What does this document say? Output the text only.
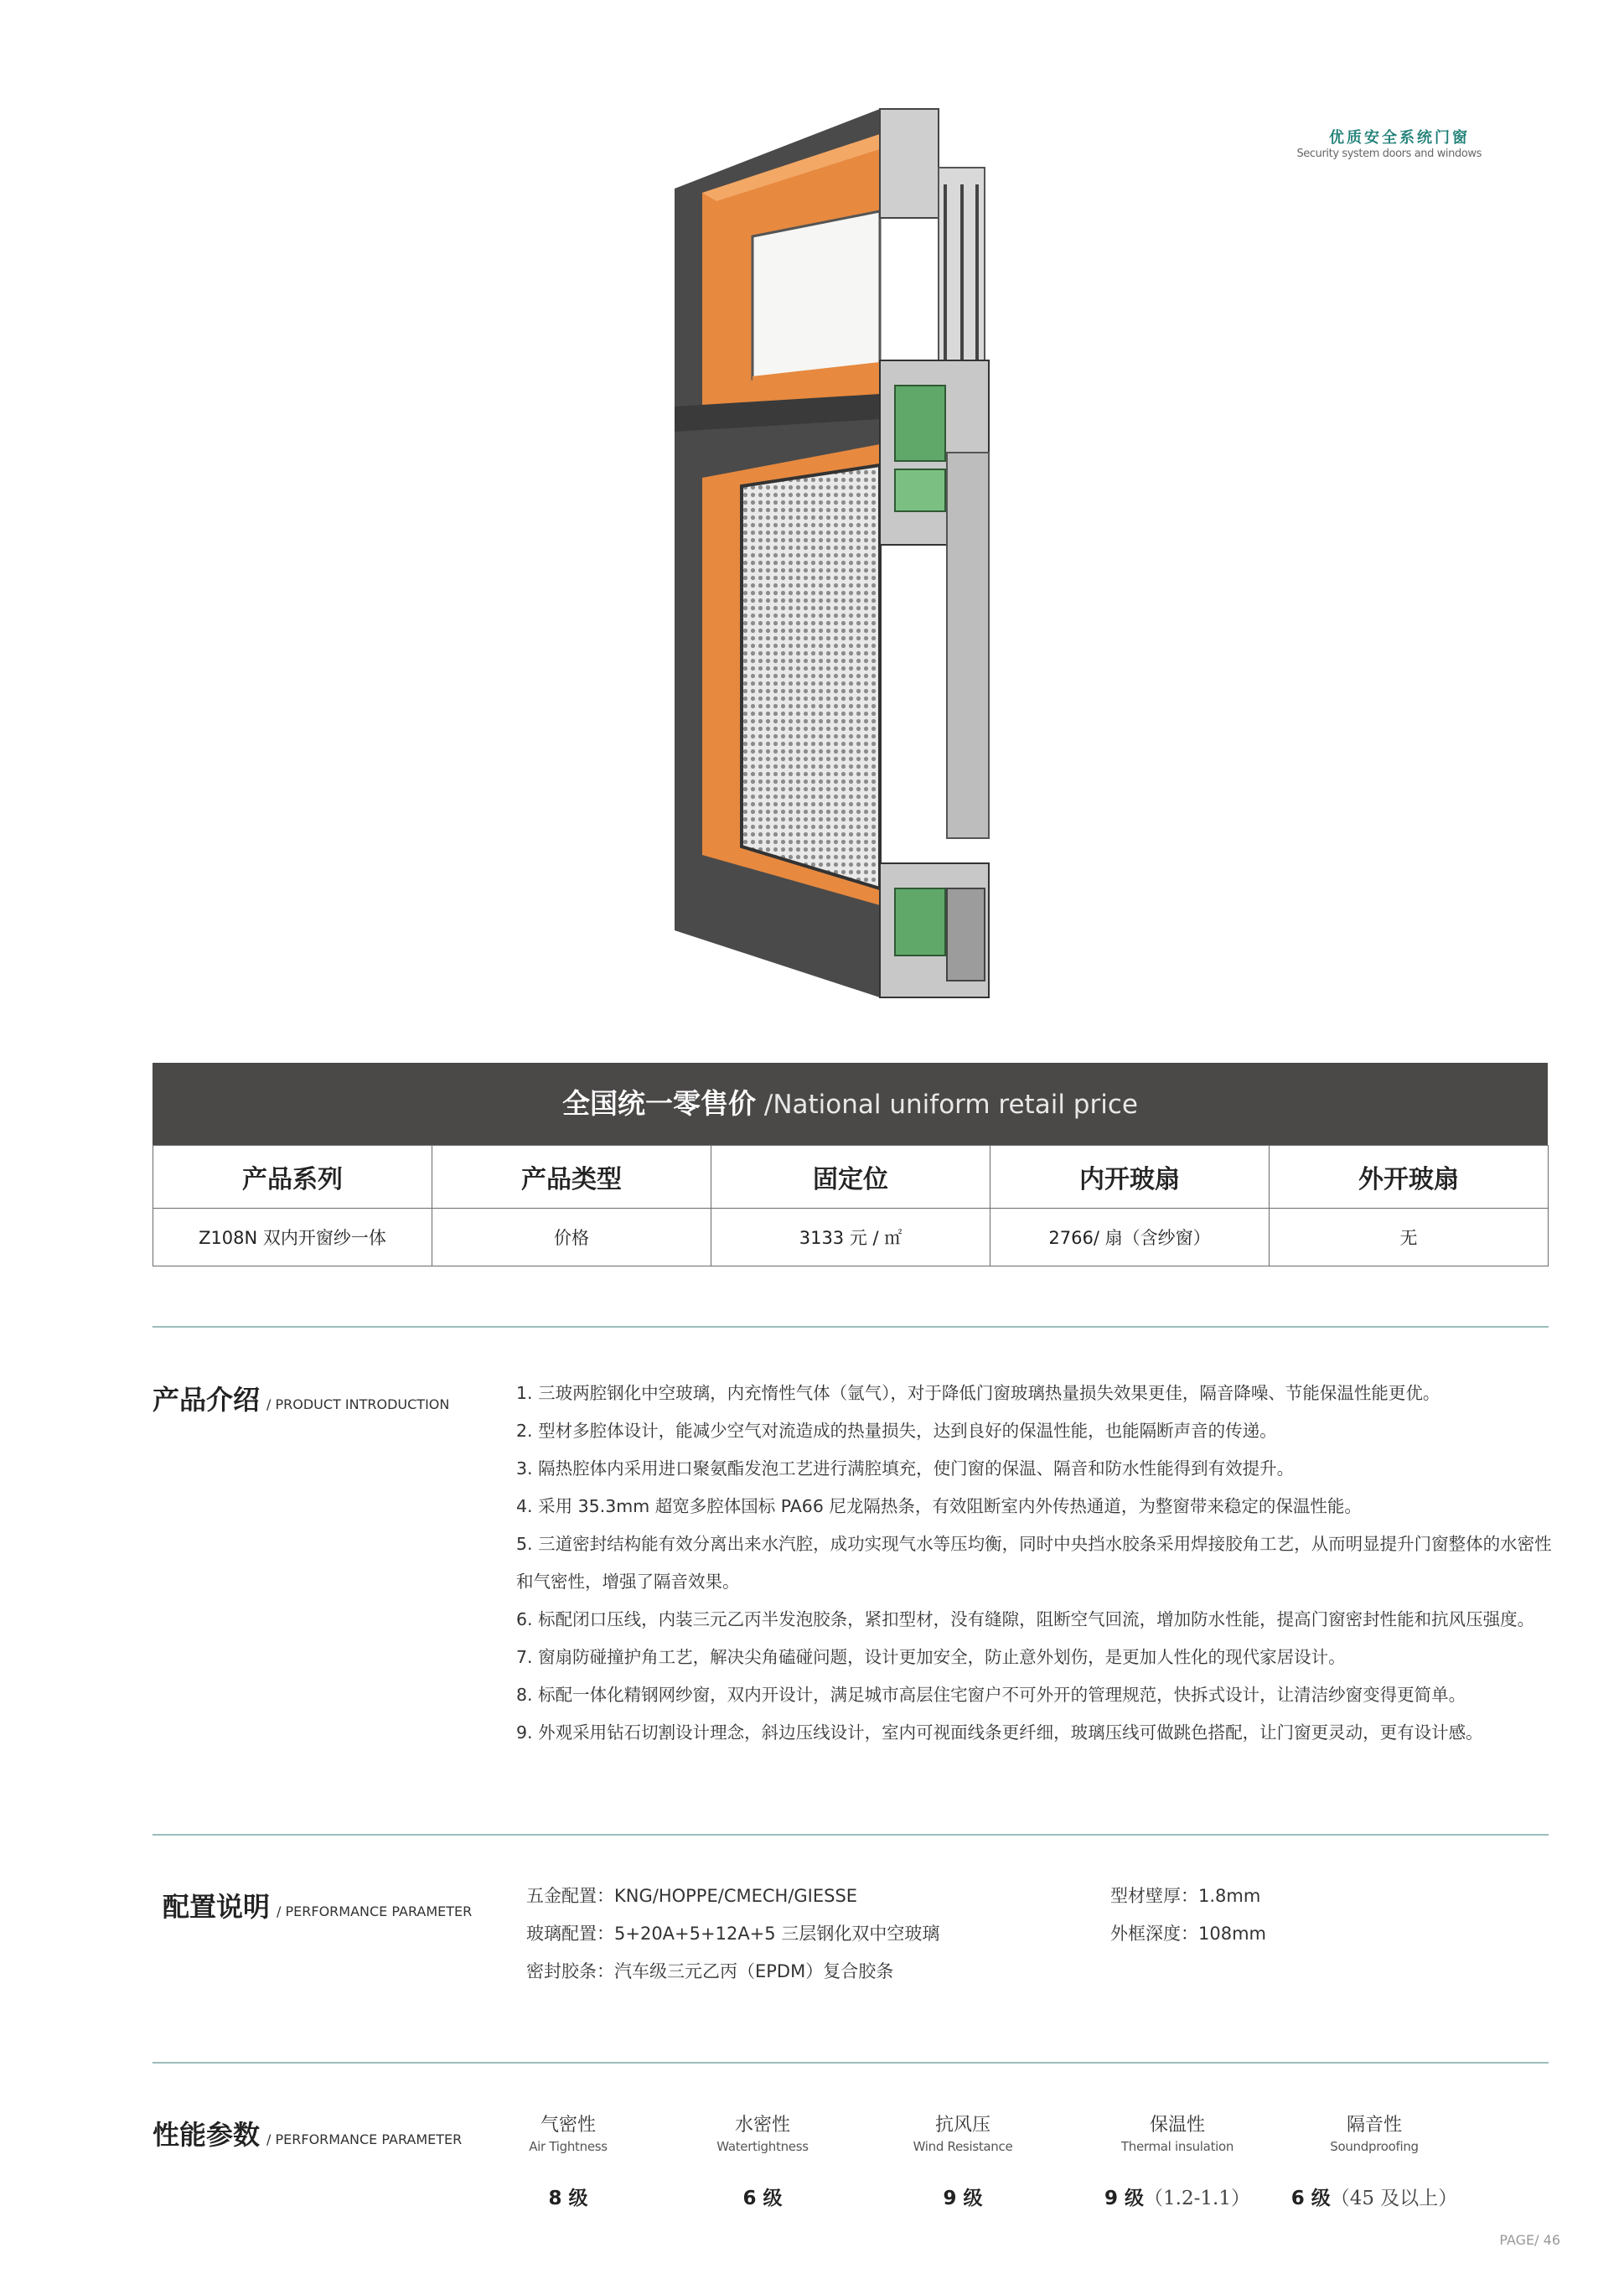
优质安全系统门窗
Security system doors and windows
全国统一零售价 /National uniform retail price
产品系列	产品类型	固定位	内开玻扇	外开玻扇
Z108N 双内开窗纱一体	价格	3133 元 / ㎡	2766/ 扇（含纱窗）	无
产品介绍 / PRODUCT INTRODUCTION
1. 三玻两腔钢化中空玻璃，内充惰性气体（氩气），对于降低门窗玻璃热量损失效果更佳，隔音降噪、节能保温性能更优。
2. 型材多腔体设计，能减少空气对流造成的热量损失，达到良好的保温性能，也能隔断声音的传递。
3. 隔热腔体内采用进口聚氨酯发泡工艺进行满腔填充，使门窗的保温、隔音和防水性能得到有效提升。
4. 采用 35.3mm 超宽多腔体国标 PA66 尼龙隔热条，有效阻断室内外传热通道，为整窗带来稳定的保温性能。
5. 三道密封结构能有效分离出来水汽腔，成功实现气水等压均衡，同时中央挡水胶条采用焊接胶角工艺，从而明显提升门窗整体的水密性和气密性，增强了隔音效果。
6. 标配闭口压线，内装三元乙丙半发泡胶条，紧扣型材，没有缝隙，阻断空气回流，增加防水性能，提高门窗密封性能和抗风压强度。
7. 窗扇防碰撞护角工艺，解决尖角磕碰问题，设计更加安全，防止意外划伤，是更加人性化的现代家居设计。
8. 标配一体化精钢网纱窗，双内开设计，满足城市高层住宅窗户不可外开的管理规范，快拆式设计，让清洁纱窗变得更简单。
9. 外观采用钻石切割设计理念，斜边压线设计，室内可视面线条更纤细，玻璃压线可做跳色搭配，让门窗更灵动，更有设计感。
配置说明 / PERFORMANCE PARAMETER
五金配置：KNG/HOPPE/CMECH/GIESSE
玻璃配置：5+20A+5+12A+5 三层钢化双中空玻璃
密封胶条：汽车级三元乙丙（EPDM）复合胶条
型材壁厚：1.8mm
外框深度：108mm
性能参数 / PERFORMANCE PARAMETER
气密性
Air Tightness
8 级
水密性
Watertightness
6 级
抗风压
Wind Resistance
9 级
保温性
Thermal insulation
9 级（1.2-1.1）
隔音性
Soundproofing
6 级（45 及以上）
PAGE/ 46
